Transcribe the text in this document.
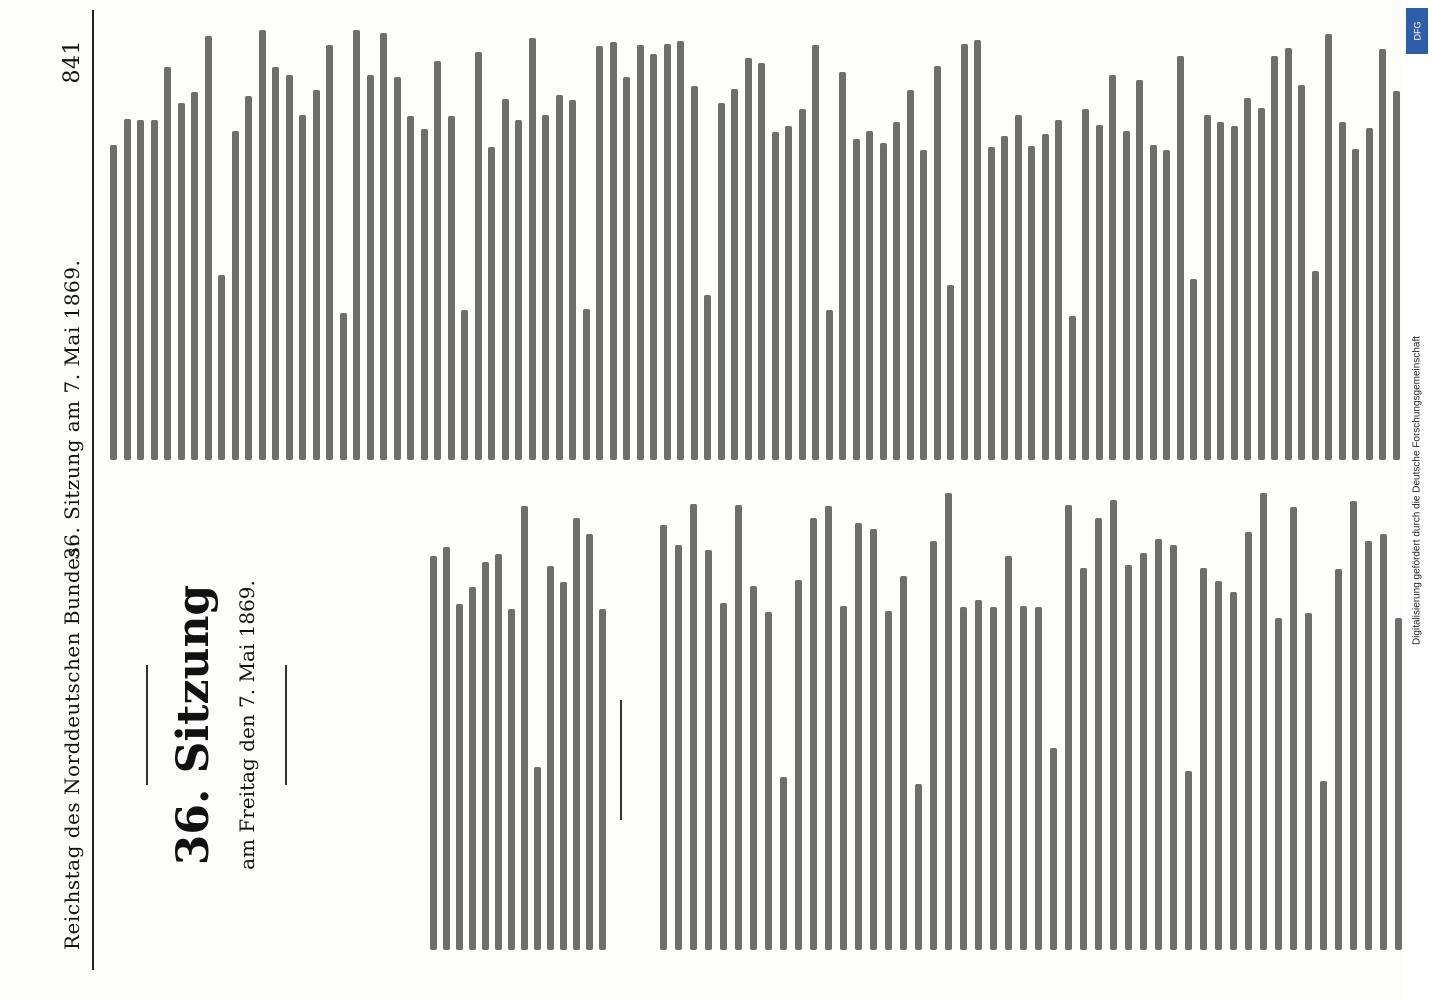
Reichstag des Norddeutschen Bundes.
36. Sitzung am 7. Mai 1869.
841
36. Sitzung am Freitag den 7. Mai 1869.
DFG
Digitalisierung gefördert durch die Deutsche Forschungsgemeinschaft
